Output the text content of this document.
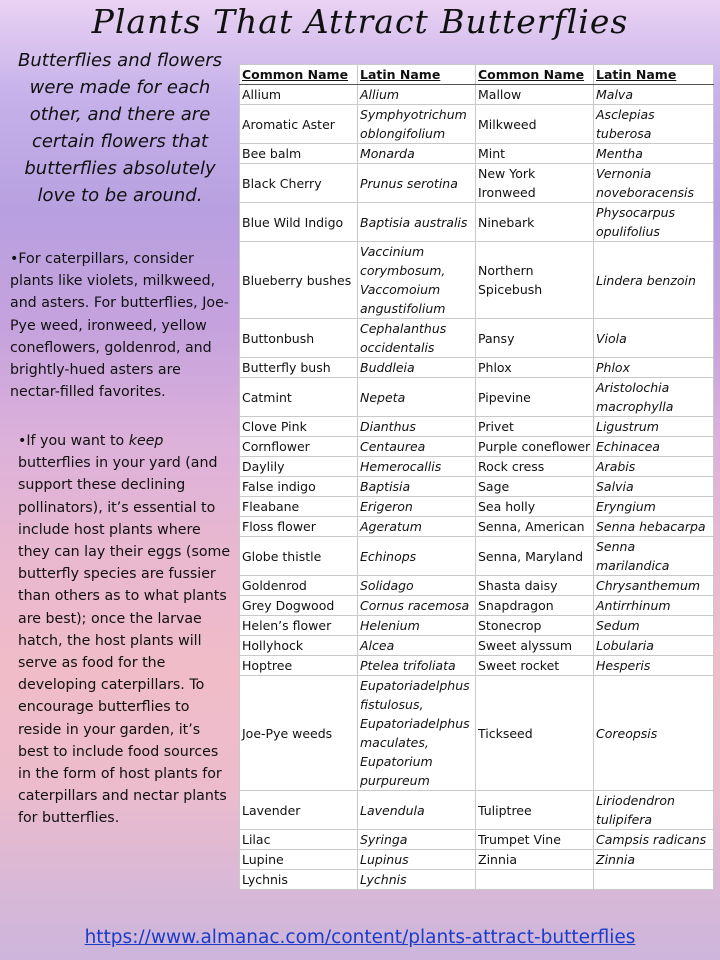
Plants That Attract Butterflies
Butterflies and flowers were made for each other, and there are certain flowers that butterflies absolutely love to be around.
•For caterpillars, consider plants like violets, milkweed, and asters. For butterflies, Joe-Pye weed, ironweed, yellow coneflowers, goldenrod, and brightly-hued asters are nectar-filled favorites.
•If you want to keep butterflies in your yard (and support these declining pollinators), it’s essential to include host plants where they can lay their eggs (some butterfly species are fussier than others as to what plants are best); once the larvae hatch, the host plants will serve as food for the developing caterpillars. To encourage butterflies to reside in your garden, it’s best to include food sources in the form of host plants for caterpillars and nectar plants for butterflies.
Common Name	Latin Name	Common Name	Latin Name
Allium	Allium	Mallow	Malva
Aromatic Aster	Symphyotrichum oblongifolium	Milkweed	Asclepias tuberosa
Bee balm	Monarda	Mint	Mentha
Black Cherry	Prunus serotina	New York Ironweed	Vernonia noveboracensis
Blue Wild Indigo	Baptisia australis	Ninebark	Physocarpus opulifolius
Blueberry bushes	Vaccinium corymbosum, Vaccomoium angustifolium	Northern Spicebush	Lindera benzoin
Buttonbush	Cephalanthus occidentalis	Pansy	Viola
Butterfly bush	Buddleia	Phlox	Phlox
Catmint	Nepeta	Pipevine	Aristolochia macrophylla
Clove Pink	Dianthus	Privet	Ligustrum
Cornflower	Centaurea	Purple coneflower	Echinacea
Daylily	Hemerocallis	Rock cress	Arabis
False indigo	Baptisia	Sage	Salvia
Fleabane	Erigeron	Sea holly	Eryngium
Floss flower	Ageratum	Senna, American	Senna hebacarpa
Globe thistle	Echinops	Senna, Maryland	Senna marilandica
Goldenrod	Solidago	Shasta daisy	Chrysanthemum
Grey Dogwood	Cornus racemosa	Snapdragon	Antirrhinum
Helen’s flower	Helenium	Stonecrop	Sedum
Hollyhock	Alcea	Sweet alyssum	Lobularia
Hoptree	Ptelea trifoliata	Sweet rocket	Hesperis
Joe-Pye weeds	Eupatoriadelphus fistulosus, Eupatoriadelphus maculates, Eupatorium purpureum	Tickseed	Coreopsis
Lavender	Lavendula	Tuliptree	Liriodendron tulipifera
Lilac	Syringa	Trumpet Vine	Campsis radicans
Lupine	Lupinus	Zinnia	Zinnia
Lychnis	Lychnis		
https://www.almanac.com/content/plants-attract-butterflies
